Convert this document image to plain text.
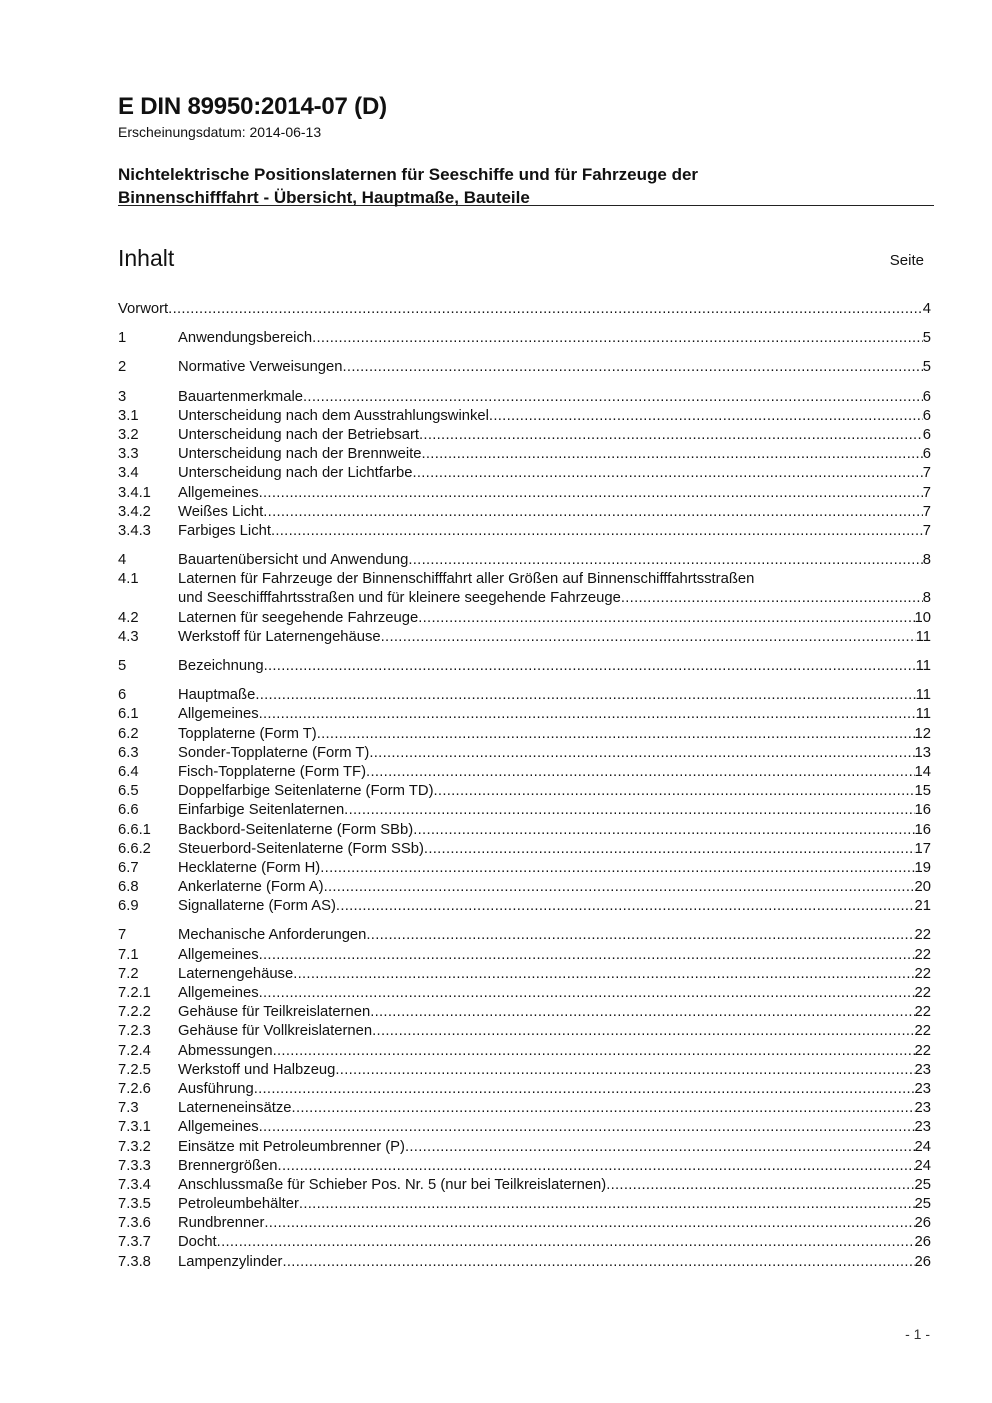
E DIN 89950:2014-07 (D)
Erscheinungsdatum: 2014-06-13
Nichtelektrische Positionslaternen für Seeschiffe und für Fahrzeuge der
Binnenschifffahrt - Übersicht, Hauptmaße, Bauteile
Inhalt	Seite
Vorwort .....	4
1	Anwendungsbereich .....	5
2	Normative Verweisungen .....	5
3	Bauartenmerkmale .....	6
3.1	Unterscheidung nach dem Ausstrahlungswinkel .....	6
3.2	Unterscheidung nach der Betriebsart .....	6
3.3	Unterscheidung nach der Brennweite .....	6
3.4	Unterscheidung nach der Lichtfarbe .....	7
3.4.1	Allgemeines .....	7
3.4.2	Weißes Licht .....	7
3.4.3	Farbiges Licht .....	7
4	Bauartenübersicht und Anwendung .....	8
4.1	Laternen für Fahrzeuge der Binnenschifffahrt aller Größen auf Binnenschifffahrtsstraßen
und Seeschifffahrtsstraßen und für kleinere seegehende Fahrzeuge .....	8
4.2	Laternen für seegehende Fahrzeuge .....	10
4.3	Werkstoff für Laternengehäuse .....	11
5	Bezeichnung .....	11
6	Hauptmaße .....	11
6.1	Allgemeines .....	11
6.2	Topplaterne (Form T) .....	12
6.3	Sonder-Topplaterne (Form T) .....	13
6.4	Fisch-Topplaterne (Form TF) .....	14
6.5	Doppelfarbige Seitenlaterne (Form TD) .....	15
6.6	Einfarbige Seitenlaternen .....	16
6.6.1	Backbord-Seitenlaterne (Form SBb) .....	16
6.6.2	Steuerbord-Seitenlaterne (Form SSb) .....	17
6.7	Hecklaterne (Form H) .....	19
6.8	Ankerlaterne (Form A) .....	20
6.9	Signallaterne (Form AS) .....	21
7	Mechanische Anforderungen .....	22
7.1	Allgemeines .....	22
7.2	Laternengehäuse .....	22
7.2.1	Allgemeines .....	22
7.2.2	Gehäuse für Teilkreislaternen .....	22
7.2.3	Gehäuse für Vollkreislaternen .....	22
7.2.4	Abmessungen .....	22
7.2.5	Werkstoff und Halbzeug .....	23
7.2.6	Ausführung .....	23
7.3	Laterneneinsätze .....	23
7.3.1	Allgemeines .....	23
7.3.2	Einsätze mit Petroleumbrenner (P) .....	24
7.3.3	Brennergrößen .....	24
7.3.4	Anschlussmaße für Schieber Pos. Nr. 5 (nur bei Teilkreislaternen) .....	25
7.3.5	Petroleumbehälter .....	25
7.3.6	Rundbrenner .....	26
7.3.7	Docht .....	26
7.3.8	Lampenzylinder .....	26
- 1 -
